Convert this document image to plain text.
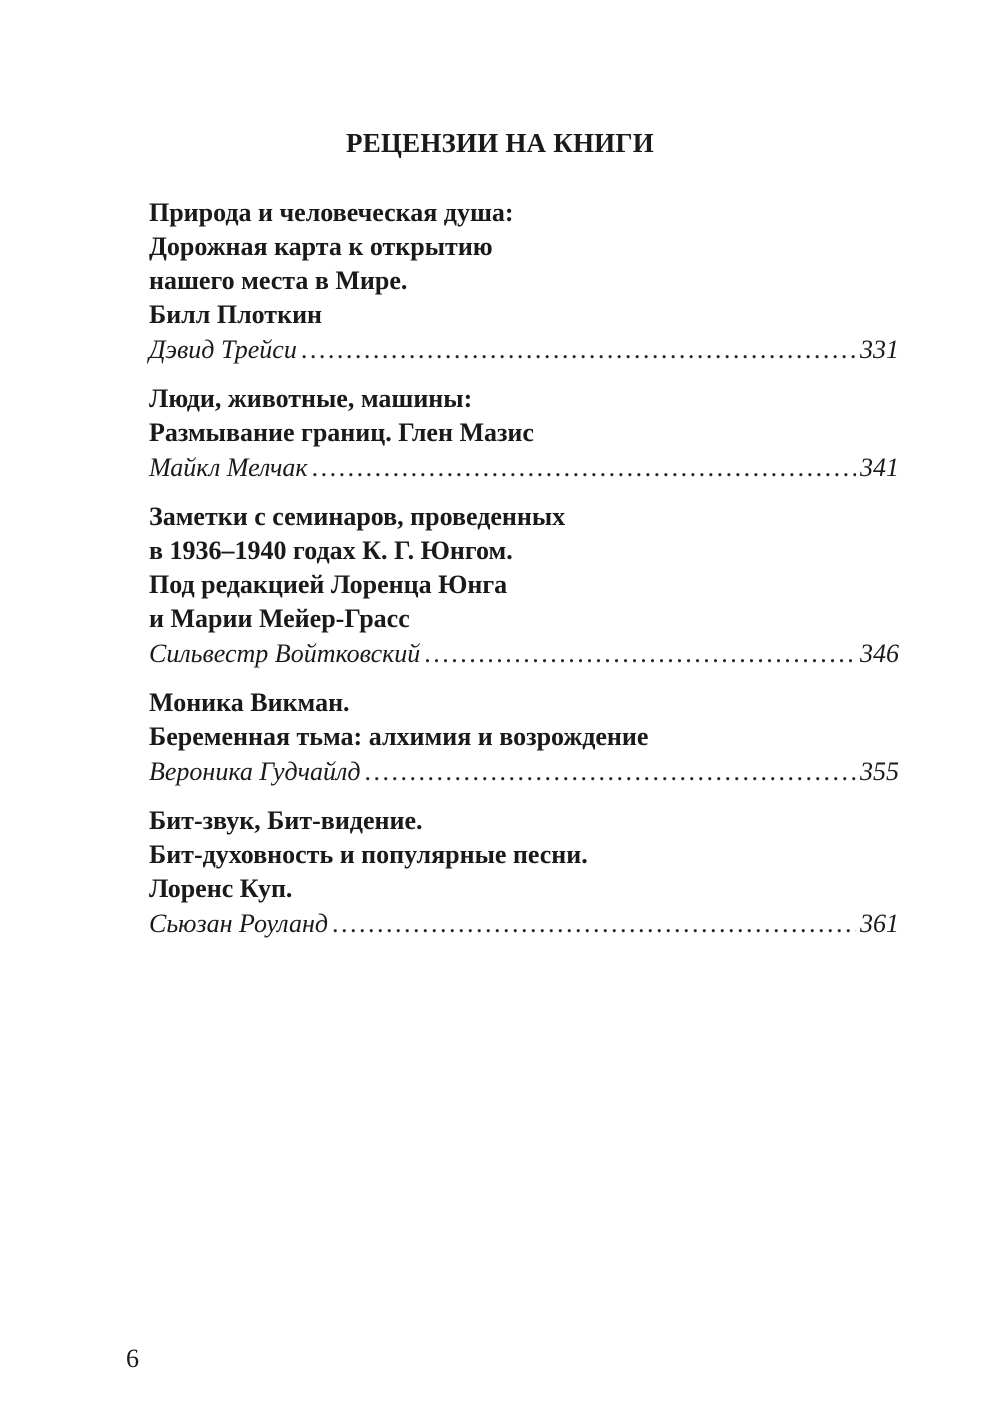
РЕЦЕНЗИИ НА КНИГИ
Природа и человеческая душа:
Дорожная карта к открытию
нашего места в Мире.
Билл Плоткин
Дэвид Трейси . . .	331
Люди, животные, машины:
Размывание границ. Глен Мазис
Майкл Мелчак . . .	341
Заметки с семинаров, проведенных
в 1936–1940 годах К. Г. Юнгом.
Под редакцией Лоренца Юнга
и Марии Мейер-Грасс
Сильвестр Войтковский . . .	346
Моника Викман.
Беременная тьма: алхимия и возрождение
Вероника Гудчайлд . . .	355
Бит-звук, Бит-видение.
Бит-духовность и популярные песни.
Лоренс Куп.
Сьюзан Роуланд . . .	361
6
